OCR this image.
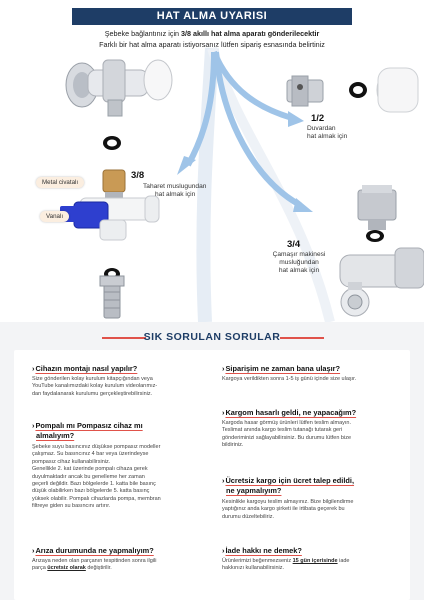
HAT ALMA UYARISI
Şebeke bağlantınız için 3/8 akıllı hat alma aparatı gönderilecektir
Farklı bir hat alma aparatı istiyorsanız lütfen sipariş esnasında belirtiniz
1/2
Duvardan
hat almak için
3/8
Taharet muslugundan
hat almak için
3/4
Çamaşır makinesi
musluğundan
hat almak için
Metal civatalı
Vanalı
SIK SORULAN SORULAR
›Cihazın montajı nasıl yapılır?
Size gönderilen kolay kurulum kitapçığından veya
YouTube kanalımızdaki kolay kurulum videolarımız-
dan faydalanarak kurulumu gerçekleştirebilirsiniz.
›Pompalı mı Pompasız cihaz mı
almalıyım?
Şebeke suyu basıncınız düşükse pompasız modeller
çalışmaz. Su basıncınız 4 bar veya üzerindeyse
pompasız cihaz kullanabilirsiniz.
Genellikle 2. kat üzerinde pompalı cihaza gerek
duyulmaktadır ancak bu genelleme her zaman
geçerli değildir. Bazı bölgelerde 1. katta bile basınç
düşük olabilirken bazı bölgelerde 5. katta basınç
yüksek olabilir. Pompalı cihazlarda pompa, membran
filtreye giden su basıncını artırır.
›Arıza durumunda ne yapmalıyım?
Arızaya neden olan parçanın tespitinden sonra ilgili
parça ücretsiz olarak değiştirilir.
›Siparişim ne zaman bana ulaşır?
Kargoya verildikten sonra 1-5 iş günü içinde size ulaşır.
›Kargom hasarlı geldi, ne yapacağım?
Kargoda hasar görmüş ürünleri lütfen teslim almayın.
Teslimat anında kargo teslim tutanağı tutarak geri
gönderiminizi sağlayabilirsiniz. Bu durumu lütfen bize
bildiriniz.
›Ücretsiz kargo için ücret talep edildi,
ne yapmalıyım?
Kesinlikle kargoyu teslim almayınız. Bize bilgilendirme
yaptığınız anda kargo şirketi ile irtibata geçerek bu
durumu düzeltebiliriz.
›İade hakkı ne demek?
Ürünlerimizi beğenmezseniz 15 gün içerisinde iade
hakkınızı kullanabilirsiniz.
